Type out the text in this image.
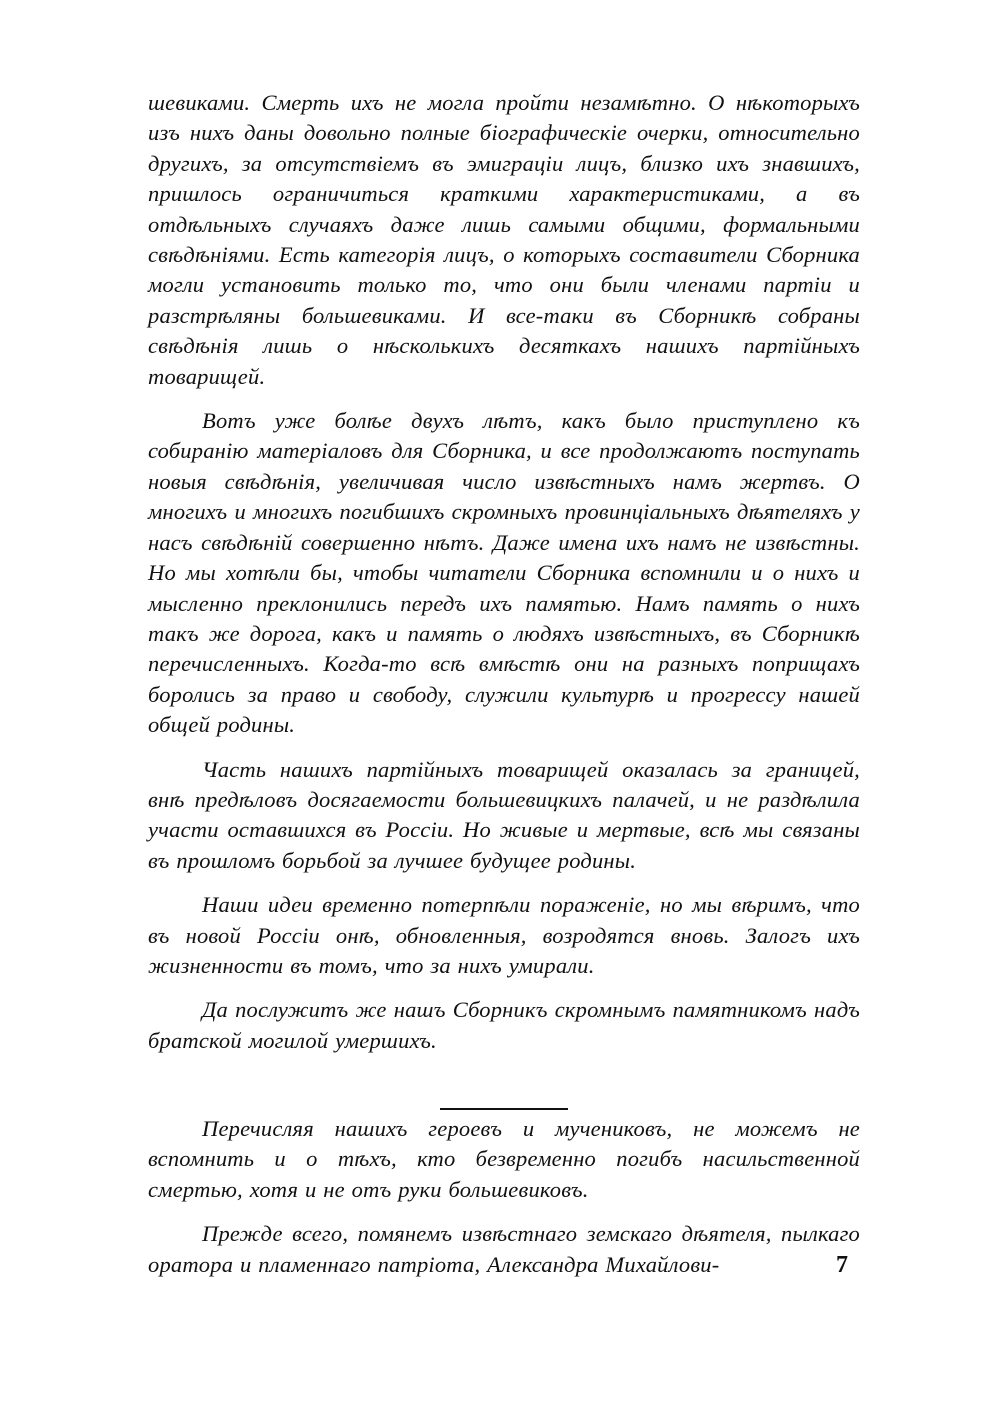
шевиками. Смерть ихъ не могла пройти незамѣтно. О нѣкоторыхъ изъ нихъ даны довольно полные біографическіе очерки, относительно другихъ, за отсутствіемъ въ эмиграціи лицъ, близко ихъ знавшихъ, пришлось ограничиться краткими характеристиками, а въ отдѣльныхъ случаяхъ даже лишь самыми общими, формальными свѣдѣніями. Есть категорія лицъ, о которыхъ составители Сборника могли установить только то, что они были членами партіи и разстрѣляны большевиками. И все-таки въ Сборникѣ собраны свѣдѣнія лишь о нѣсколькихъ десяткахъ нашихъ партійныхъ товарищей.

Вотъ уже болѣе двухъ лѣтъ, какъ было приступлено къ собиранію матеріаловъ для Сборника, и все продолжаютъ поступать новыя свѣдѣнія, увеличивая число извѣстныхъ намъ жертвъ. О многихъ и многихъ погибшихъ скромныхъ провинціальныхъ дѣятеляхъ у насъ свѣдѣній совершенно нѣтъ. Даже имена ихъ намъ не извѣстны. Но мы хотѣли бы, чтобы читатели Сборника вспомнили и о нихъ и мысленно преклонились передъ ихъ памятью. Намъ память о нихъ такъ же дорога, какъ и память о людяхъ извѣстныхъ, въ Сборникѣ перечисленныхъ. Когда-то всѣ вмѣстѣ они на разныхъ поприщахъ боролись за право и свободу, служили культурѣ и прогрессу нашей общей родины.

Часть нашихъ партійныхъ товарищей оказалась за границей, внѣ предѣловъ досягаемости большевицкихъ палачей, и не раздѣлила участи оставшихся въ Россіи. Но живые и мертвые, всѣ мы связаны въ прошломъ борьбой за лучшее будущее родины.

Наши идеи временно потерпѣли пораженіе, но мы вѣримъ, что въ новой Россіи онѣ, обновленныя, возродятся вновь. Залогъ ихъ жизненности въ томъ, что за нихъ умирали.

Да послужитъ же нашъ Сборникъ скромнымъ памятникомъ надъ братской могилой умершихъ.

Перечисляя нашихъ героевъ и мучениковъ, не можемъ не вспомнить и о тѣхъ, кто безвременно погибъ насильственной смертью, хотя и не отъ руки большевиковъ.

Прежде всего, помянемъ извѣстнаго земскаго дѣятеля, пылкаго оратора и пламеннаго патріота, Александра Михайлови-	7
